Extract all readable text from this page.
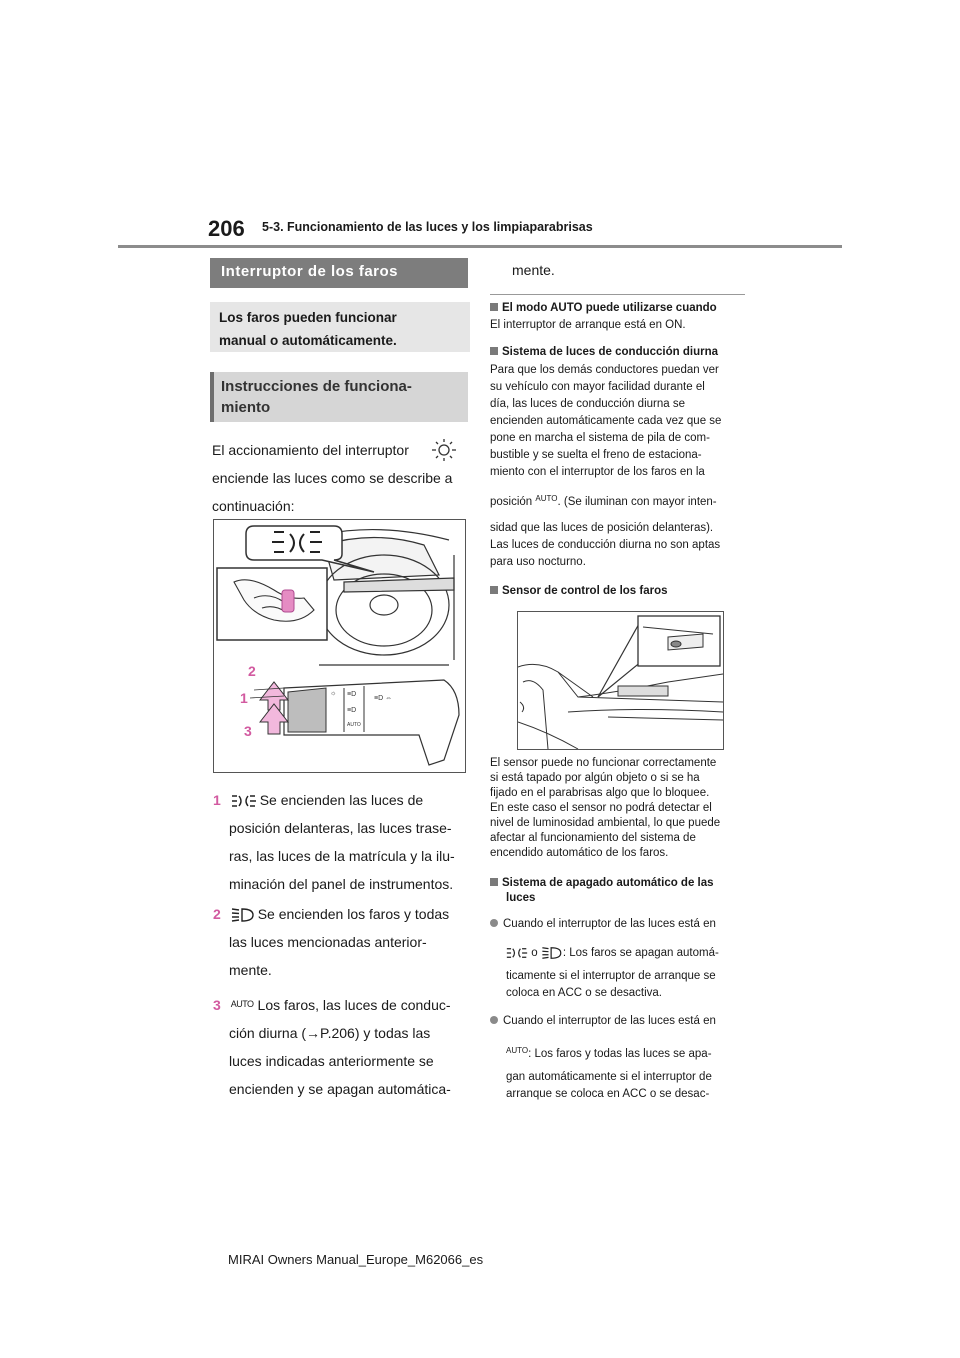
206 5-3. Funcionamiento de las luces y los limpiaparabrisas
Interruptor de los faros
Los faros pueden funcionar
manual o automáticamente.
Instrucciones de funciona-
miento
El accionamiento del interruptor
enciende las luces como se describe a
continuación:
☼ ≡D
≡D
AUTO
≡D ⇔
2
1
3
1	Se encienden las luces de
posición delanteras, las luces trase-
ras, las luces de la matrícula y la ilu-
minación del panel de instrumentos.
2	Se encienden los faros y todas
las luces mencionadas anterior-
mente.
3 $^{AUTO}$ Los faros, las luces de conduc-
ción diurna (→P.206) y todas las
luces indicadas anteriormente se
encienden y se apagan automática-
mente.
El modo AUTO puede utilizarse cuando
El interruptor de arranque está en ON.
Sistema de luces de conducción diurna
Para que los demás conductores puedan ver
su vehículo con mayor facilidad durante el
día, las luces de conducción diurna se
encienden automáticamente cada vez que se
pone en marcha el sistema de pila de com-
bustible y se suelta el freno de estaciona-
miento con el interruptor de los faros en la
posición $^{AUTO}$. (Se iluminan con mayor inten-
sidad que las luces de posición delanteras).
Las luces de conducción diurna no son aptas
para uso nocturno.
Sensor de control de los faros
El sensor puede no funcionar correctamente
si está tapado por algún objeto o si se ha
fijado en el parabrisas algo que lo bloquee.
En este caso el sensor no podrá detectar el
nivel de luminosidad ambiental, lo que puede
afectar al funcionamiento del sistema de
encendido automático de los faros.
Sistema de apagado automático de las
luces
Cuando el interruptor de las luces está en
o : Los faros se apagan automá-
ticamente si el interruptor de arranque se
coloca en ACC o se desactiva.
Cuando el interruptor de las luces está en
$^{AUTO}$: Los faros y todas las luces se apa-
gan automáticamente si el interruptor de
arranque se coloca en ACC o se desac-
MIRAI Owners Manual_Europe_M62066_es
